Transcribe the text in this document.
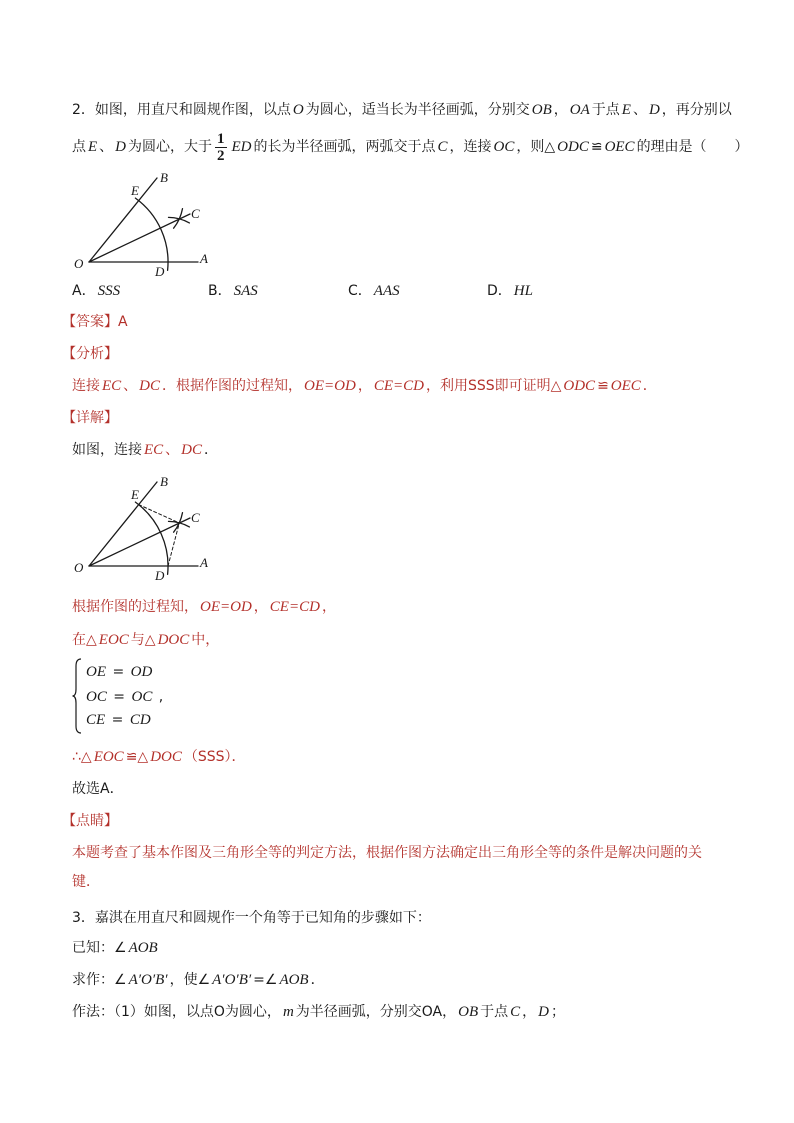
2．如图，用直尺和圆规作图，以点 O 为圆心，适当长为半径画弧，分别交 OB ， OA 于点 E 、 D ，再分别以
点 E 、 D 为圆心，大于 $\frac{1}{2}$ ED 的长为半径画弧，两弧交于点 C ，连接 OC ，则△ ODC ≌ OEC 的理由是（　　）
B
E
C
O
D
A
A． SSS	B． SAS	C． AAS	D． HL
【答案】A
【分析】
连接 EC 、 DC ．根据作图的过程知， OE=OD ， CE=CD ，利用SSS即可证明△ ODC ≌ OEC ．
【详解】
如图，连接 EC 、 DC ．
B
E
C
O
D
A
根据作图的过程知， OE=OD ， CE=CD ，
在△ EOC 与△ DOC 中，
OE = OD
OC = OC ,
CE = CD
∴△ EOC ≌△ DOC （SSS）．
故选A．
【点睛】
本题考查了基本作图及三角形全等的判定方法，根据作图方法确定出三角形全等的条件是解决问题的关
键．
3．嘉淇在用直尺和圆规作一个角等于已知角的步骤如下：
已知：∠ AOB
求作：∠ A′O′B′ ，使∠ A′O′B′ =∠ AOB ．
作法：（1）如图，以点O为圆心， m 为半径画弧，分别交OA， OB 于点 C ， D ；
